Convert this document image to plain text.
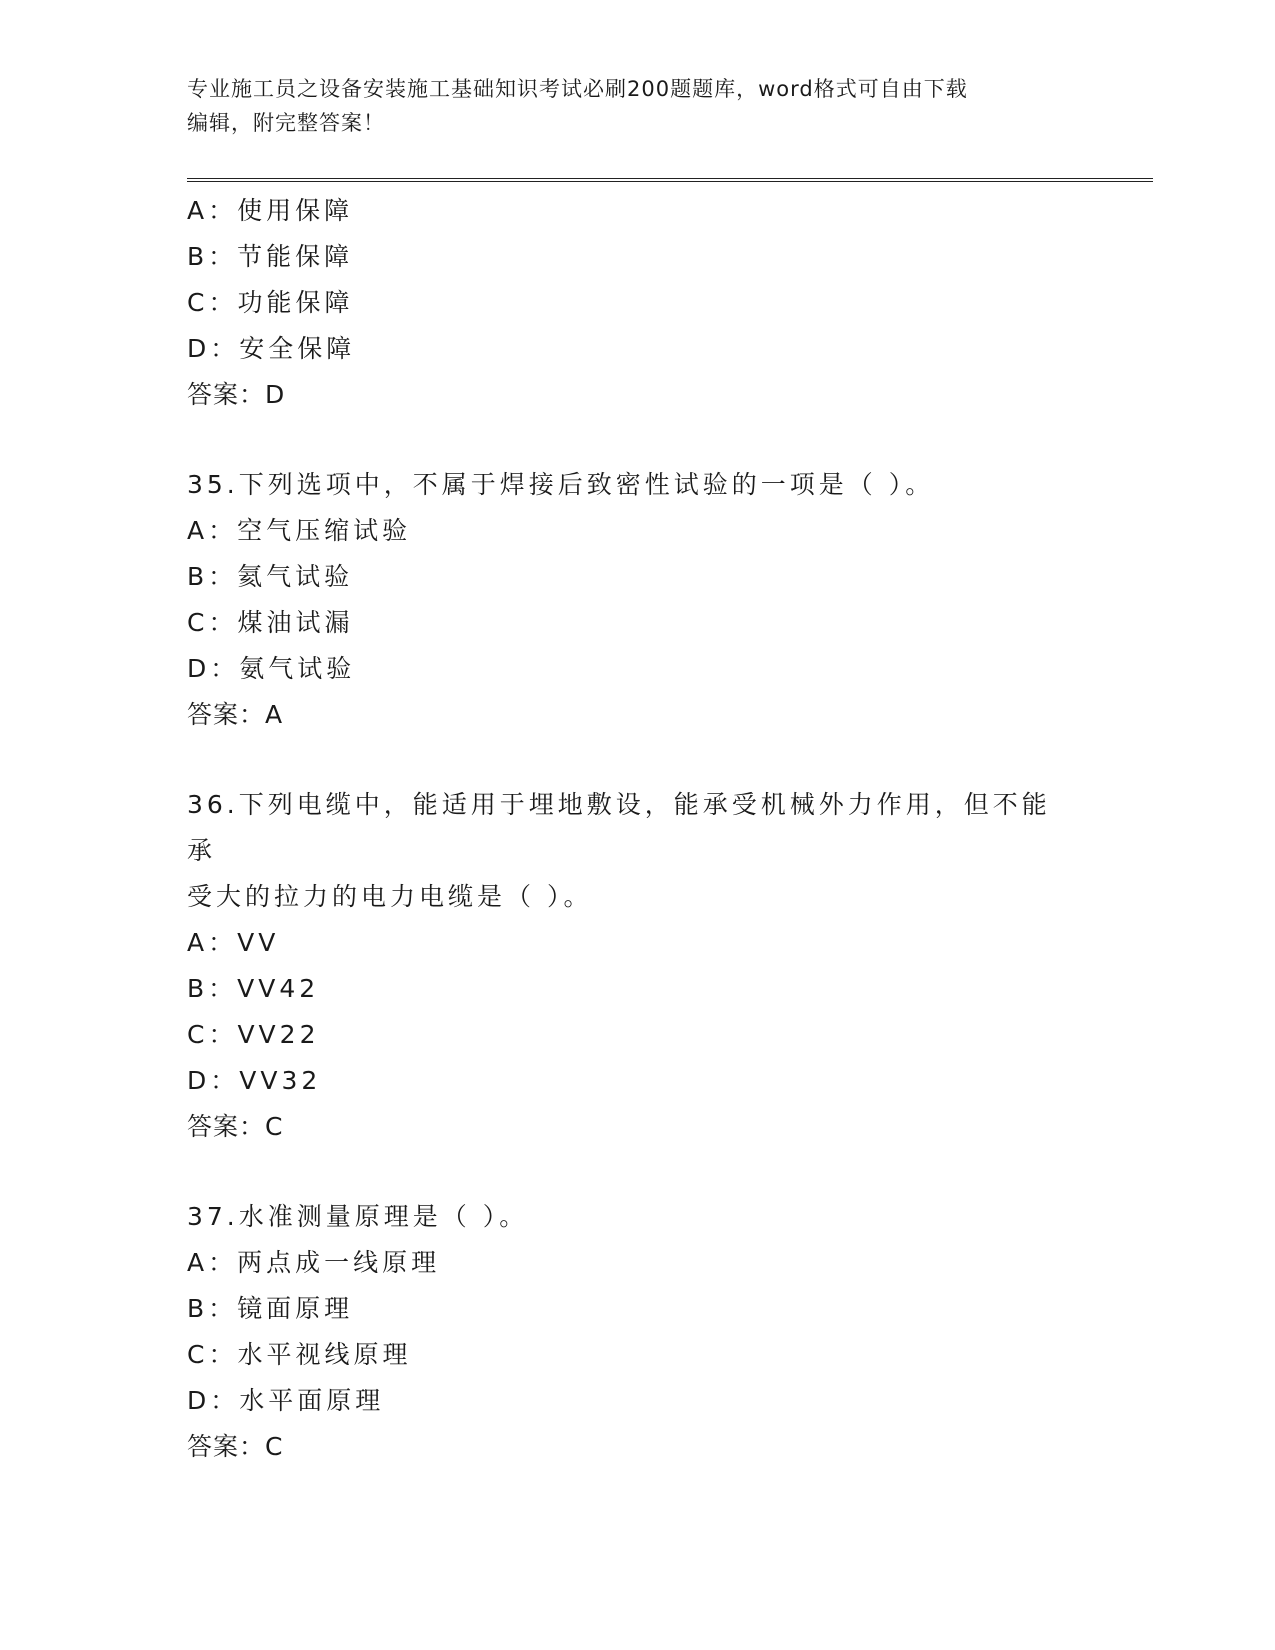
专业施工员之设备安装施工基础知识考试必刷200题题库，word格式可自由下载
编辑，附完整答案！
A：使用保障
B：节能保障
C：功能保障
D：安全保障
答案：D
35.下列选项中，不属于焊接后致密性试验的一项是（ ）。
A：空气压缩试验
B：氦气试验
C：煤油试漏
D：氨气试验
答案：A
36.下列电缆中，能适用于埋地敷设，能承受机械外力作用，但不能承
受大的拉力的电力电缆是（ ）。
A：VV
B：VV42
C：VV22
D：VV32
答案：C
37.水准测量原理是（ ）。
A：两点成一线原理
B：镜面原理
C：水平视线原理
D：水平面原理
答案：C
